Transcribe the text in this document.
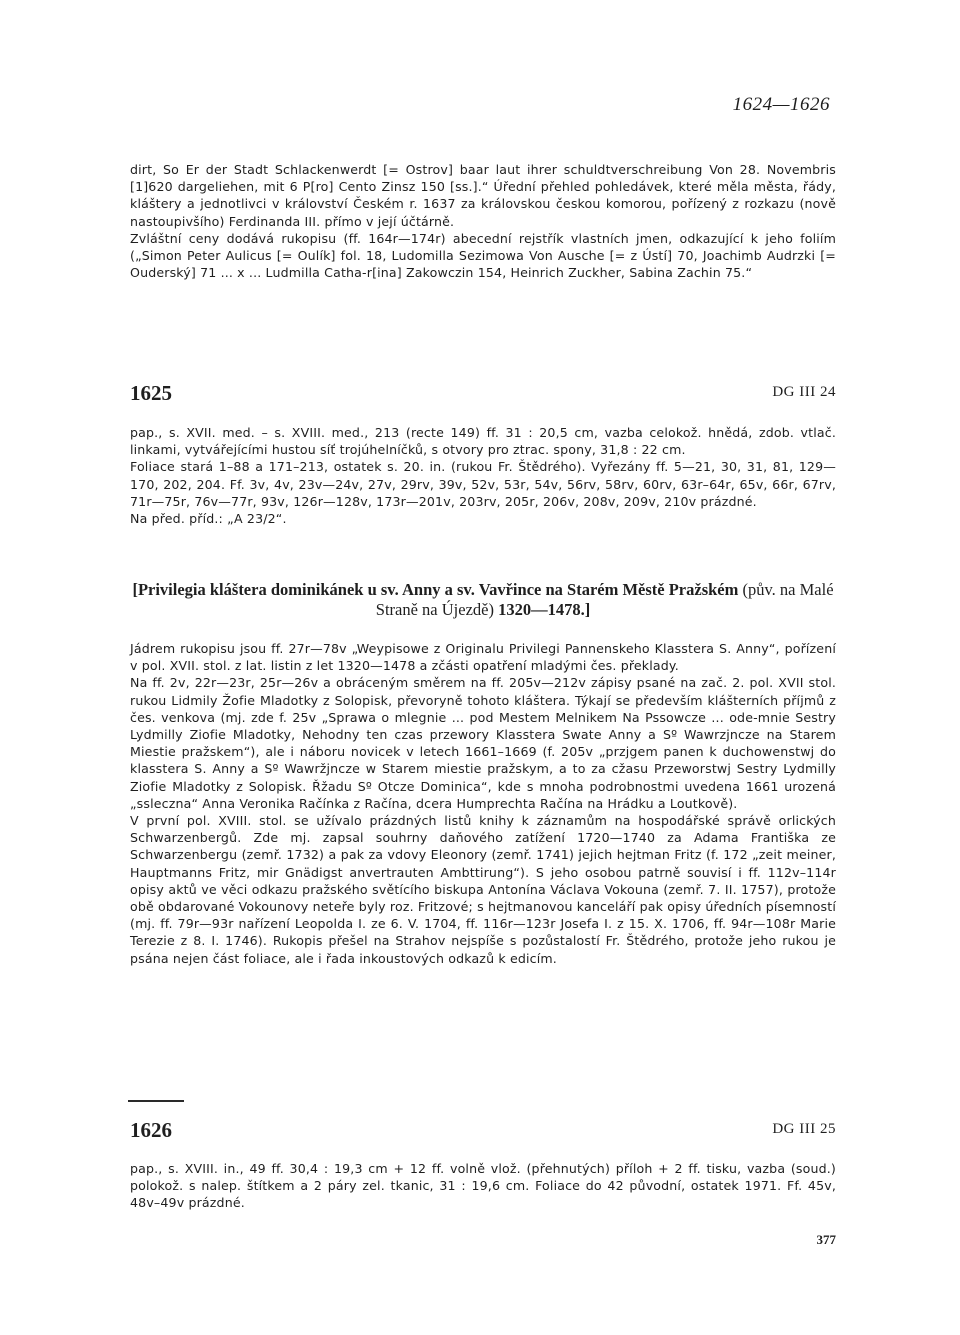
1624—1626

dirt, So Er der Stadt Schlackenwerdt [= Ostrov] baar laut ihrer schuldtverschreibung Von 28. Novembris [1]620 dargeliehen, mit 6 P[ro] Cento Zinsz 150 [ss.].“ Úřední přehled pohledávek, které měla města, řády, kláštery a jednotlivci v království Českém r. 1637 za královskou českou komorou, pořízený z rozkazu (nově nastoupivšího) Ferdinanda III. přímo v její účtárně.

Zvláštní ceny dodává rukopisu (ff. 164r—174r) abecední rejstřík vlastních jmen, odkazující k jeho foliím („Simon Peter Aulicus [= Oulík] fol. 18, Ludomilla Sezimowa Von Ausche [= z Ústí] 70, Joachimb Audrzki [= Ouderský] 71 ... x ... Ludmilla Catha-r[ina] Zakowczin 154, Heinrich Zuckher, Sabina Zachin 75.“

1625	DG III 24

pap., s. XVII. med. – s. XVIII. med., 213 (recte 149) ff. 31 : 20,5 cm, vazba celokož. hnědá, zdob. vtlač. linkami, vytvářejícími hustou síť trojúhelníčků, s otvory pro ztrac. spony, 31,8 : 22 cm.

Foliace stará 1–88 a 171–213, ostatek s. 20. in. (rukou Fr. Štědrého). Vyřezány ff. 5—21, 30, 31, 81, 129—170, 202, 204. Ff. 3v, 4v, 23v—24v, 27v, 29rv, 39v, 52v, 53r, 54v, 56rv, 58rv, 60rv, 63r–64r, 65v, 66r, 67rv, 71r—75r, 76v—77r, 93v, 126r—128v, 173r—201v, 203rv, 205r, 206v, 208v, 209v, 210v prázdné.

Na před. příd.: „A 23/2“.

[Privilegia kláštera dominikánek u sv. Anny a sv. Vavřince na Starém Městě Pražském (pův. na Malé Straně na Újezdě) 1320—1478.]

Jádrem rukopisu jsou ff. 27r—78v „Weypisowe z Originalu Privilegi Pannenskeho Klasstera S. Anny“, pořízení v pol. XVII. stol. z lat. listin z let 1320—1478 a zčásti opatření mladými čes. překlady.

Na ff. 2v, 22r—23r, 25r—26v a obráceným směrem na ff. 205v—212v zápisy psané na zač. 2. pol. XVII stol. rukou Lidmily Žofie Mladotky z Solopisk, převoryně tohoto kláštera. Týkají se především klášterních příjmů z čes. venkova (mj. zde f. 25v „Sprawa o mlegnie ... pod Mestem Melnikem Na Pssowcze ... ode-mnie Sestry Lydmilly Ziofie Mladotky, Nehodny ten czas przewory Klasstera Swate Anny a Sº Wawrzjncze na Starem Miestie pražskem“), ale i náboru novicek v letech 1661–1669 (f. 205v „przjgem panen k duchowenstwj do klasstera S. Anny a Sº Wawržjncze w Starem miestie pražskym, a to za cžasu Przeworstwj Sestry Lydmilly Ziofie Mladotky z Solopisk. Řžadu Sº Otcze Dominica“, kde s mnoha podrobnostmi uvedena 1661 urozená „ssleczna“ Anna Veronika Račínka z Račína, dcera Humprechta Račína na Hrádku a Loutkově).

V první pol. XVIII. stol. se užívalo prázdných listů knihy k záznamům na hospodářské správě orlických Schwarzenbergů. Zde mj. zapsal souhrny daňového zatížení 1720—1740 za Adama Františka ze Schwarzenbergu (zemř. 1732) a pak za vdovy Eleonory (zemř. 1741) jejich hejtman Fritz (f. 172 „zeit meiner, Hauptmanns Fritz, mir Gnädigst anvertrauten Ambttirung“). S jeho osobou patrně souvisí i ff. 112v–114r opisy aktů ve věci odkazu pražského světícího biskupa Antonína Václava Vokouna (zemř. 7. II. 1757), protože obě obdarované Vokounovy neteře byly roz. Fritzové; s hejtmanovou kanceláří pak opisy úředních písemností (mj. ff. 79r—93r nařízení Leopolda I. ze 6. V. 1704, ff. 116r—123r Josefa I. z 15. X. 1706, ff. 94r—108r Marie Terezie z 8. I. 1746). Rukopis přešel na Strahov nejspíše s pozůstalostí Fr. Štědrého, protože jeho rukou je psána nejen část foliace, ale i řada inkoustových odkazů k edicím.

1626	DG III 25

pap., s. XVIII. in., 49 ff. 30,4 : 19,3 cm + 12 ff. volně vlož. (přehnutých) příloh + 2 ff. tisku, vazba (soud.) polokož. s nalep. štítkem a 2 páry zel. tkanic, 31 : 19,6 cm. Foliace do 42 původní, ostatek 1971. Ff. 45v, 48v–49v prázdné.

377
